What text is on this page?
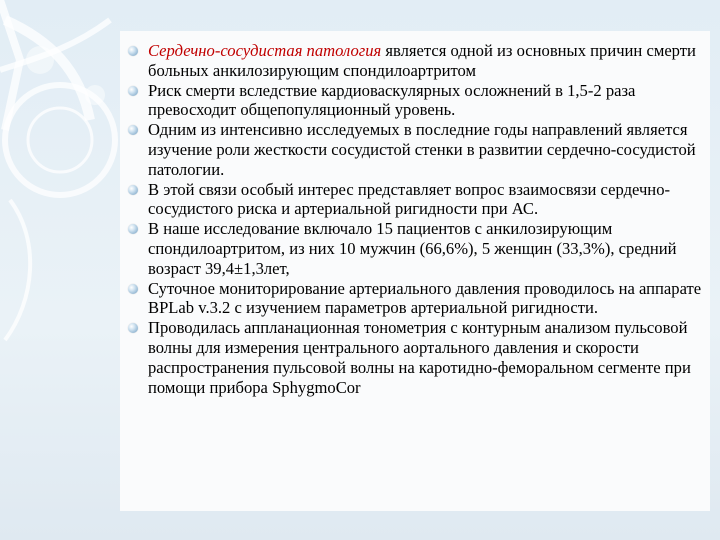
Сердечно-сосудистая патология является одной из основных причин смерти больных анкилозирующим спондилоартритом
Риск смерти вследствие кардиоваскулярных осложнений в 1,5-2 раза превосходит общепопуляционный уровень.
Одним из интенсивно исследуемых в последние годы направлений является изучение роли жесткости сосудистой стенки в развитии сердечно-сосудистой патологии.
В этой связи особый интерес представляет вопрос взаимосвязи сердечно-сосудистого риска и артериальной ригидности при АС.
В наше исследование включало 15 пациентов с анкилозирующим спондилоартритом, из них 10 мужчин (66,6%), 5 женщин (33,3%), средний возраст 39,4±1,3лет,
Суточное мониторирование артериального давления проводилось на аппарате BPLab v.3.2 с изучением параметров артериальной ригидности.
Проводилась аппланационная тонометрия с контурным анализом пульсовой волны для измерения центрального аортального давления и скорости распространения пульсовой волны на каротидно-феморальном сегменте при помощи прибора SphygmoCor
